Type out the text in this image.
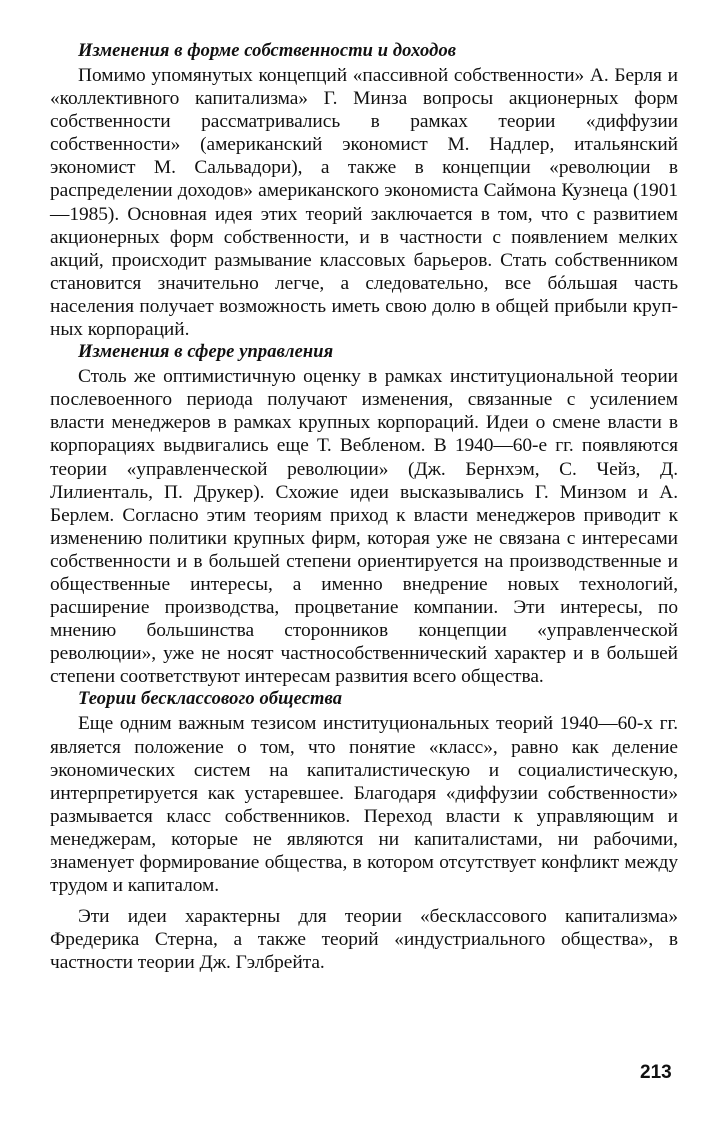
Изменения в форме собственности и доходов

Помимо упомянутых концепций «пассивной собственности» А. Берля и «коллективного капитализма» Г. Минза вопросы акционерных форм собственности рассматривались в рамках теории «диффузии собственности» (американский экономист М. Надлер, итальянский экономист М. Сальвадори), а также в концепции «революции в распределении доходов» американского экономиста Саймона Кузнеца (1901—1985). Основная идея этих теорий заключается в том, что с развитием акционерных форм собственности, и в частности с появлением мелких акций, происходит размывание классовых барьеров. Стать собственником становится значительно легче, а следовательно, все бóльшая часть населения получает возможность иметь свою долю в общей прибыли крупных корпораций.

Изменения в сфере управления

Столь же оптимистичную оценку в рамках институциональной теории послевоенного периода получают изменения, связанные с усилением власти менеджеров в рамках крупных корпораций. Идеи о смене власти в корпорациях выдвигались еще Т. Вебленом. В 1940—60-е гг. появляются теории «управленческой революции» (Дж. Бернхэм, С. Чейз, Д. Лилиенталь, П. Друкер). Схожие идеи высказывались Г. Минзом и А. Берлем. Согласно этим теориям приход к власти менеджеров приводит к изменению политики крупных фирм, которая уже не связана с интересами собственности и в большей степени ориентируется на производственные и общественные интересы, а именно внедрение новых технологий, расширение производства, процветание компании. Эти интересы, по мнению большинства сторонников концепции «управленческой революции», уже не носят частнособственнический характер и в большей степени соответствуют интересам развития всего общества.

Теории бесклассового общества

Еще одним важным тезисом институциональных теорий 1940—60-х гг. является положение о том, что понятие «класс», равно как деление экономических систем на капиталистическую и социалистическую, интерпретируется как устаревшее. Благодаря «диффузии собственности» размывается класс собственников. Переход власти к управляющим и менеджерам, которые не являются ни капиталистами, ни рабочими, знаменует формирование общества, в котором отсутствует конфликт между трудом и капиталом.

Эти идеи характерны для теории «бесклассового капитализма» Фредерика Стерна, а также теорий «индустриального общества», в частности теории Дж. Гэлбрейта.

213
